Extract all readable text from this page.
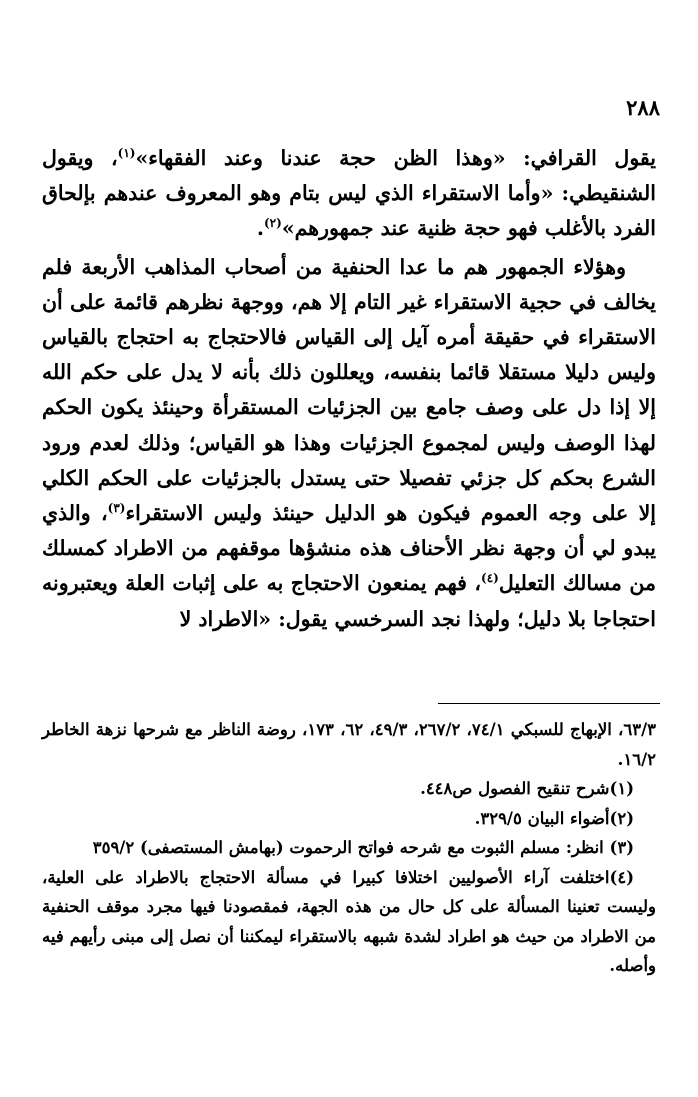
٢٨٨

يقول القرافي: «وهذا الظن حجة عندنا وعند الفقهاء»$^{(١)}$، ويقول الشنقيطي: «وأما الاستقراء الذي ليس بتام وهو المعروف عندهم بإلحاق الفرد بالأغلب فهو حجة ظنية عند جمهورهم»$^{(٢)}$.

وهؤلاء الجمهور هم ما عدا الحنفية من أصحاب المذاهب الأربعة فلم يخالف في حجية الاستقراء غير التام إلا هم، ووجهة نظرهم قائمة على أن الاستقراء في حقيقة أمره آيل إلى القياس فالاحتجاج به احتجاج بالقياس وليس دليلا مستقلا قائما بنفسه، ويعللون ذلك بأنه لا يدل على حكم الله إلا إذا دل على وصف جامع بين الجزئيات المستقرأة وحينئذ يكون الحكم لهذا الوصف وليس لمجموع الجزئيات وهذا هو القياس؛ وذلك لعدم ورود الشرع بحكم كل جزئي تفصيلا حتى يستدل بالجزئيات على الحكم الكلي إلا على وجه العموم فيكون هو الدليل حينئذ وليس الاستقراء$^{(٣)}$، والذي يبدو لي أن وجهة نظر الأحناف هذه منشؤها موقفهم من الاطراد كمسلك من مسالك التعليل$^{(٤)}$، فهم يمنعون الاحتجاج به على إثبات العلة ويعتبرونه احتجاجا بلا دليل؛ ولهذا نجد السرخسي يقول: «الاطراد لا

٦٣/٣، الإبهاج للسبكي ٧٤/١، ٢٦٧/٢، ٤٩/٣، ٦٢، ١٧٣، روضة الناظر مع شرحها نزهة الخاطر ١٦/٢.

(١)شرح تنقيح الفصول ص٤٤٨.

(٢)أضواء البيان ٣٢٩/٥.

(٣) انظر: مسلم الثبوت مع شرحه فواتح الرحموت (بهامش المستصفى) ٣٥٩/٢

(٤)اختلفت آراء الأصوليين اختلافا كبيرا في مسألة الاحتجاج بالاطراد على العلية، وليست تعنينا المسألة على كل حال من هذه الجهة، فمقصودنا فيها مجرد موقف الحنفية من الاطراد من حيث هو اطراد لشدة شبهه بالاستقراء ليمكننا أن نصل إلى مبنى رأيهم فيه وأصله.
